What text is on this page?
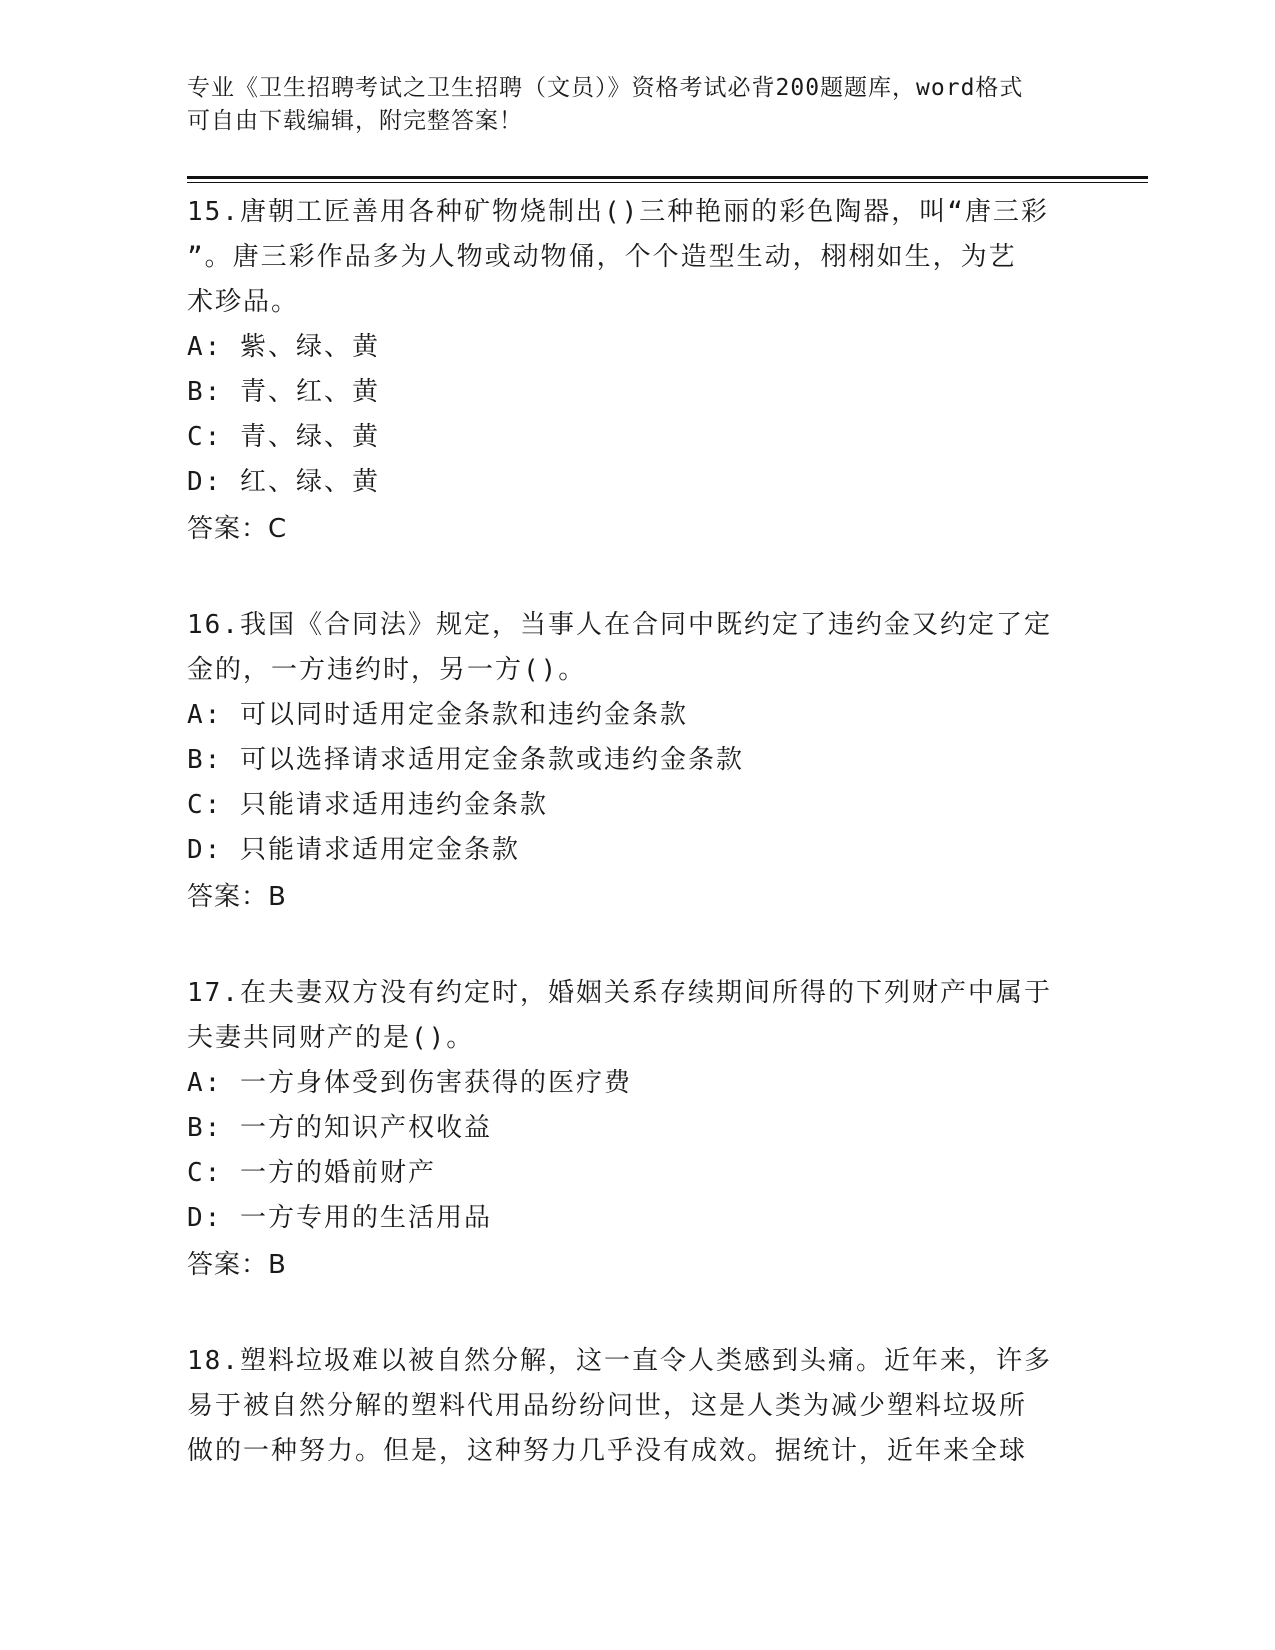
专业《卫生招聘考试之卫生招聘（文员）》资格考试必背200题题库，word格式
可自由下载编辑，附完整答案！
15.唐朝工匠善用各种矿物烧制出()三种艳丽的彩色陶器，叫“唐三彩
”。唐三彩作品多为人物或动物俑，个个造型生动，栩栩如生，为艺
术珍品。
A: 紫、绿、黄
B: 青、红、黄
C: 青、绿、黄
D: 红、绿、黄
答案：C
16.我国《合同法》规定，当事人在合同中既约定了违约金又约定了定
金的，一方违约时，另一方()。
A: 可以同时适用定金条款和违约金条款
B: 可以选择请求适用定金条款或违约金条款
C: 只能请求适用违约金条款
D: 只能请求适用定金条款
答案：B
17.在夫妻双方没有约定时，婚姻关系存续期间所得的下列财产中属于
夫妻共同财产的是()。
A: 一方身体受到伤害获得的医疗费
B: 一方的知识产权收益
C: 一方的婚前财产
D: 一方专用的生活用品
答案：B
18.塑料垃圾难以被自然分解，这一直令人类感到头痛。近年来，许多
易于被自然分解的塑料代用品纷纷问世，这是人类为减少塑料垃圾所
做的一种努力。但是，这种努力几乎没有成效。据统计，近年来全球
